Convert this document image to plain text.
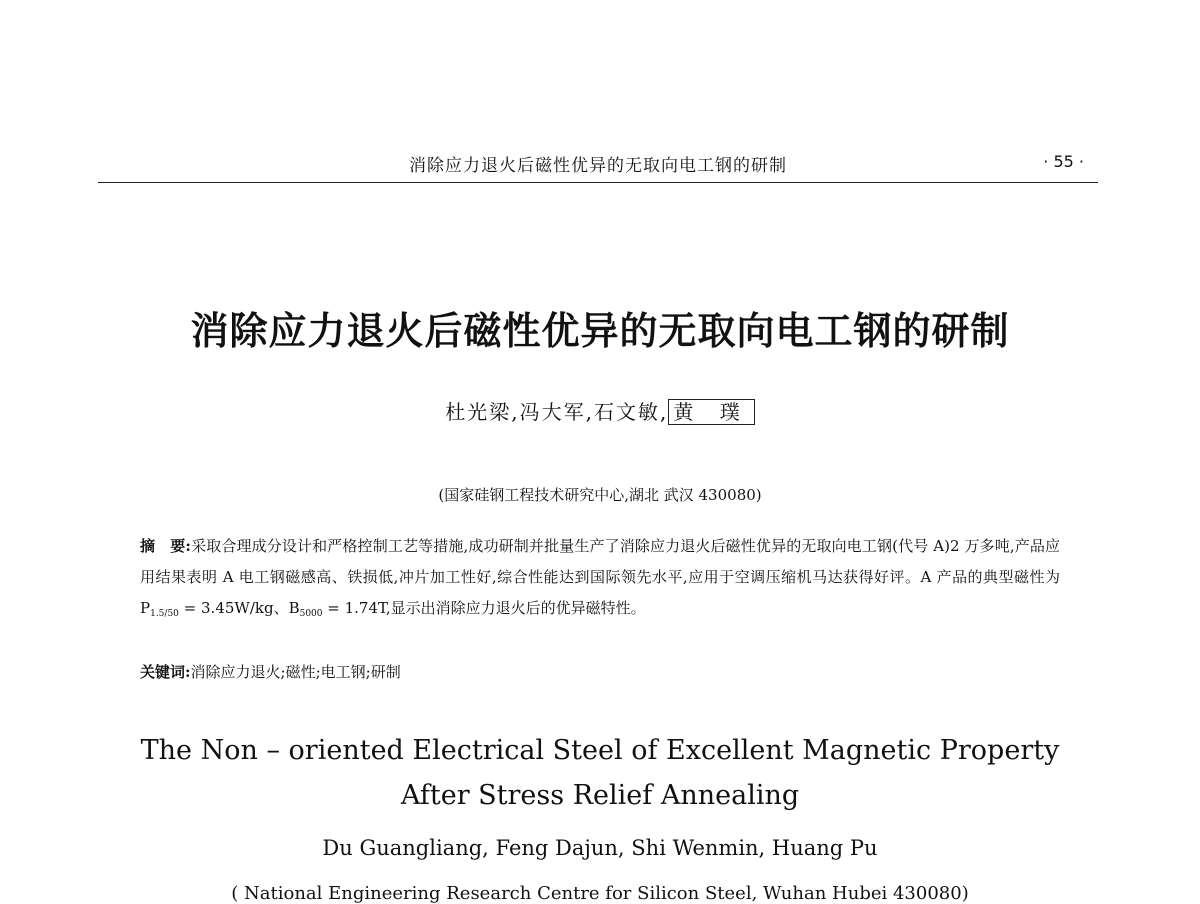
消除应力退火后磁性优异的无取向电工钢的研制	· 55 ·
消除应力退火后磁性优异的无取向电工钢的研制
杜光梁,冯大军,石文敏, 黄 璞
(国家硅钢工程技术研究中心,湖北 武汉 430080)
摘　要:采取合理成分设计和严格控制工艺等措施,成功研制并批量生产了消除应力退火后磁性优异的无取向电工钢(代号 A)2 万多吨,产品应用结果表明 A 电工钢磁感高、铁损低,冲片加工性好,综合性能达到国际领先水平,应用于空调压缩机马达获得好评。A 产品的典型磁性为 $P_{1.5/50} = 3.45W/kg$、$B_{5000} = 1.74T$,显示出消除应力退火后的优异磁特性。
关键词:消除应力退火;磁性;电工钢;研制
The Non – oriented Electrical Steel of Excellent Magnetic Property
After Stress Relief Annealing
Du Guangliang, Feng Dajun, Shi Wenmin, Huang Pu
( National Engineering Research Centre for Silicon Steel, Wuhan Hubei 430080)
